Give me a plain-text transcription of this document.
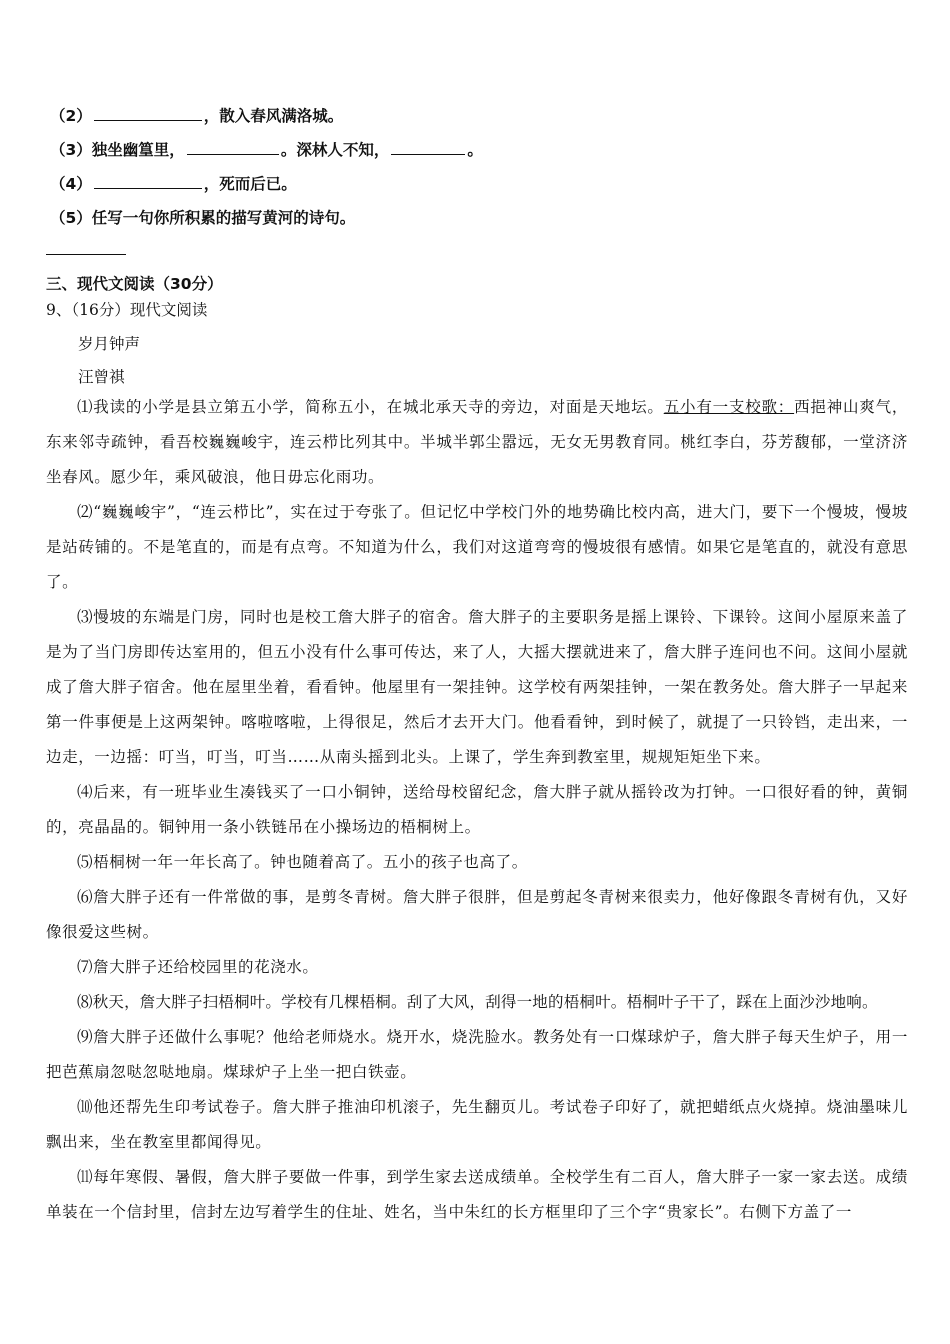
（2）	，散入春风满洛城。
（3）独坐幽篁里，	。深林人不知，	。
（4）	，死而后已。
（5）任写一句你所积累的描写黄河的诗句。
三、现代文阅读（30分）
9、（16分）现代文阅读
岁月钟声
汪曾祺

⑴我读的小学是县立第五小学，简称五小，在城北承天寺的旁边，对面是天地坛。五小有一支校歌：西挹神山爽气，东来邻寺疏钟，看吾校巍巍峻宇，连云栉比列其中。半城半郭尘嚣远，无女无男教育同。桃红李白，芬芳馥郁，一堂济济坐春风。愿少年，乘风破浪，他日毋忘化雨功。

⑵“巍巍峻宇”，“连云栉比”，实在过于夸张了。但记忆中学校门外的地势确比校内高，进大门，要下一个慢坡，慢坡是站砖铺的。不是笔直的，而是有点弯。不知道为什么，我们对这道弯弯的慢坡很有感情。如果它是笔直的，就没有意思了。

⑶慢坡的东端是门房，同时也是校工詹大胖子的宿舍。詹大胖子的主要职务是摇上课铃、下课铃。这间小屋原来盖了是为了当门房即传达室用的，但五小没有什么事可传达，来了人，大摇大摆就进来了，詹大胖子连问也不问。这间小屋就成了詹大胖子宿舍。他在屋里坐着，看看钟。他屋里有一架挂钟。这学校有两架挂钟，一架在教务处。詹大胖子一早起来第一件事便是上这两架钟。喀啦喀啦，上得很足，然后才去开大门。他看看钟，到时候了，就提了一只铃铛，走出来，一边走，一边摇：叮当，叮当，叮当……从南头摇到北头。上课了，学生奔到教室里，规规矩矩坐下来。

⑷后来，有一班毕业生凑钱买了一口小铜钟，送给母校留纪念，詹大胖子就从摇铃改为打钟。一口很好看的钟，黄铜的，亮晶晶的。铜钟用一条小铁链吊在小操场边的梧桐树上。

⑸梧桐树一年一年长高了。钟也随着高了。五小的孩子也高了。

⑹詹大胖子还有一件常做的事，是剪冬青树。詹大胖子很胖，但是剪起冬青树来很卖力，他好像跟冬青树有仇，又好像很爱这些树。

⑺詹大胖子还给校园里的花浇水。

⑻秋天，詹大胖子扫梧桐叶。学校有几棵梧桐。刮了大风，刮得一地的梧桐叶。梧桐叶子干了，踩在上面沙沙地响。

⑼詹大胖子还做什么事呢？他给老师烧水。烧开水，烧洗脸水。教务处有一口煤球炉子，詹大胖子每天生炉子，用一把芭蕉扇忽哒忽哒地扇。煤球炉子上坐一把白铁壶。

⑽他还帮先生印考试卷子。詹大胖子推油印机滚子，先生翻页儿。考试卷子印好了，就把蜡纸点火烧掉。烧油墨味儿飘出来，坐在教室里都闻得见。

⑾每年寒假、暑假，詹大胖子要做一件事，到学生家去送成绩单。全校学生有二百人，詹大胖子一家一家去送。成绩单装在一个信封里，信封左边写着学生的住址、姓名，当中朱红的长方框里印了三个字“贵家长”。右侧下方盖了一
